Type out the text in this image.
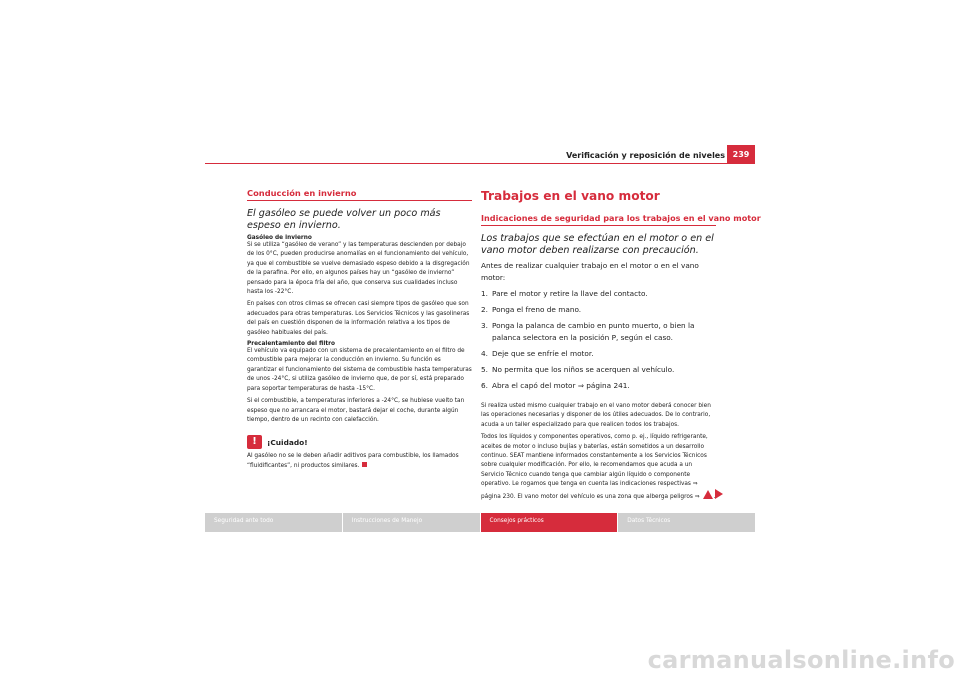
Verificación y reposición de niveles 239
Conducción en invierno
El gasóleo se puede volver un poco más espeso en invierno.
Gasóleo de invierno

Si se utiliza “gasóleo de verano” y las temperaturas descienden por debajo de los 0°C, pueden producirse anomalías en el funcionamiento del vehículo, ya que el combustible se vuelve demasiado espeso debido a la disgregación de la parafina. Por ello, en algunos países hay un “gasóleo de invierno” pensado para la época fría del año, que conserva sus cualidades incluso hasta los -22°C.

En países con otros climas se ofrecen casi siempre tipos de gasóleo que son adecuados para otras temperaturas. Los Servicios Técnicos y las gasolineras del país en cuestión disponen de la información relativa a los tipos de gasóleo habituales del país.

Precalentamiento del filtro

El vehículo va equipado con un sistema de precalentamiento en el filtro de combustible para mejorar la conducción en invierno. Su función es garantizar el funcionamiento del sistema de combustible hasta temperaturas de unos -24°C, si utiliza gasóleo de invierno que, de por sí, está preparado para soportar temperaturas de hasta -15°C.

Si el combustible, a temperaturas inferiores a -24°C, se hubiese vuelto tan espeso que no arrancara el motor, bastará dejar el coche, durante algún tiempo, dentro de un recinto con calefacción.

!	¡Cuidado!

Al gasóleo no se le deben añadir aditivos para combustible, los llamados “fluidificantes”, ni productos similares.

Trabajos en el vano motor
Indicaciones de seguridad para los trabajos en el vano motor
Los trabajos que se efectúan en el motor o en el vano motor deben realizarse con precaución.

Antes de realizar cualquier trabajo en el motor o en el vano motor:

1. Pare el motor y retire la llave del contacto.
2. Ponga el freno de mano.
3. Ponga la palanca de cambio en punto muerto, o bien la palanca selectora en la posición P, según el caso.
4. Deje que se enfríe el motor.
5. No permita que los niños se acerquen al vehículo.
6. Abra el capó del motor ⇒ página 241.

Si realiza usted mismo cualquier trabajo en el vano motor deberá conocer bien las operaciones necesarias y disponer de los útiles adecuados. De lo contrario, acuda a un taller especializado para que realicen todos los trabajos.

Todos los líquidos y componentes operativos, como p. ej., líquido refrigerante, aceites de motor o incluso bujías y baterías, están sometidos a un desarrollo continuo. SEAT mantiene informados constantemente a los Servicios Técnicos sobre cualquier modificación. Por ello, le recomendamos que acuda a un Servicio Técnico cuando tenga que cambiar algún líquido o componente operativo. Le rogamos que tenga en cuenta las indicaciones respectivas ⇒ página 230. El vano motor del vehículo es una zona que alberga peligros ⇒ .

Seguridad ante todo	Instrucciones de Manejo	Consejos prácticos	Datos Técnicos
carmanualsonline.info
